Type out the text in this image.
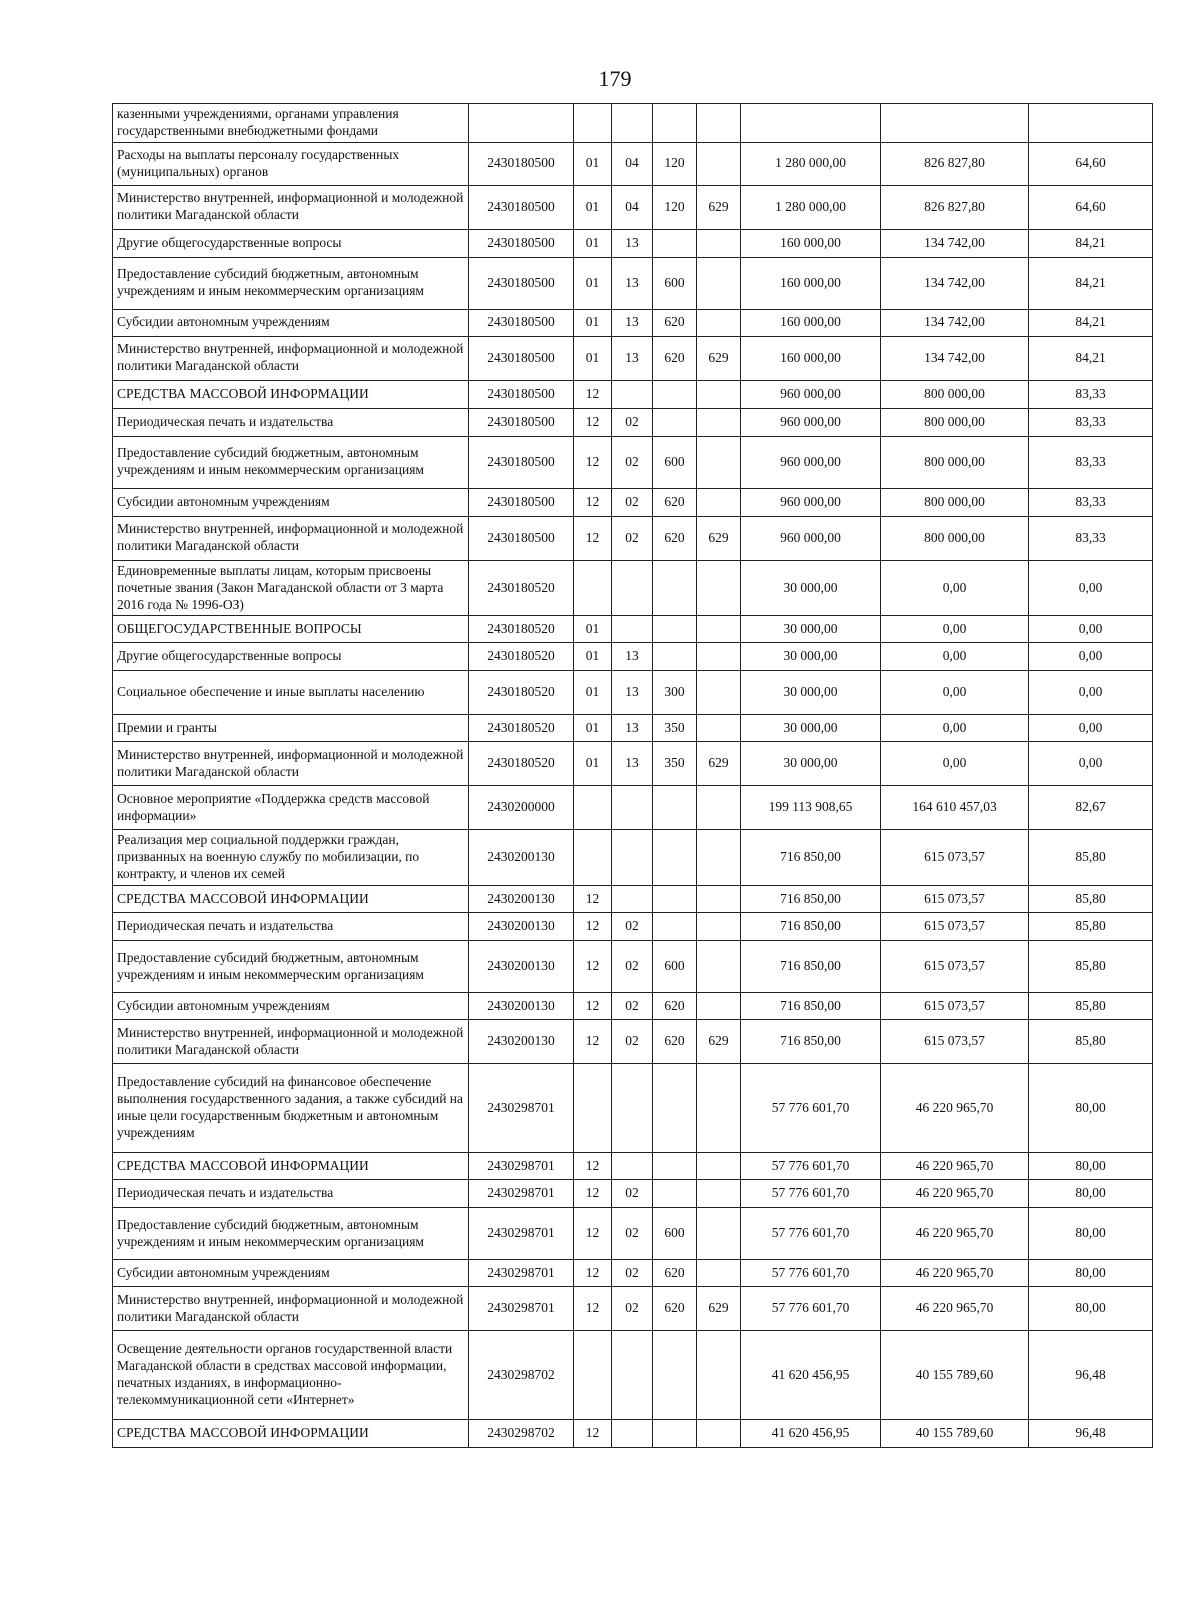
179
казенными учреждениями, органами управления государственными внебюджетными фондами								
Расходы на выплаты персоналу государственных (муниципальных) органов	2430180500	01	04	120		1 280 000,00	826 827,80	64,60
Министерство внутренней, информационной и молодежной политики Магаданской области	2430180500	01	04	120	629	1 280 000,00	826 827,80	64,60
Другие общегосударственные вопросы	2430180500	01	13			160 000,00	134 742,00	84,21
Предоставление субсидий бюджетным, автономным учреждениям и иным некоммерческим организациям	2430180500	01	13	600		160 000,00	134 742,00	84,21
Субсидии автономным учреждениям	2430180500	01	13	620		160 000,00	134 742,00	84,21
Министерство внутренней, информационной и молодежной политики Магаданской области	2430180500	01	13	620	629	160 000,00	134 742,00	84,21
СРЕДСТВА МАССОВОЙ ИНФОРМАЦИИ	2430180500	12				960 000,00	800 000,00	83,33
Периодическая печать и издательства	2430180500	12	02			960 000,00	800 000,00	83,33
Предоставление субсидий бюджетным, автономным учреждениям и иным некоммерческим организациям	2430180500	12	02	600		960 000,00	800 000,00	83,33
Субсидии автономным учреждениям	2430180500	12	02	620		960 000,00	800 000,00	83,33
Министерство внутренней, информационной и молодежной политики Магаданской области	2430180500	12	02	620	629	960 000,00	800 000,00	83,33
Единовременные выплаты лицам, которым присвоены почетные звания (Закон Магаданской области от 3 марта 2016 года № 1996-ОЗ)	2430180520					30 000,00	0,00	0,00
ОБЩЕГОСУДАРСТВЕННЫЕ ВОПРОСЫ	2430180520	01				30 000,00	0,00	0,00
Другие общегосударственные вопросы	2430180520	01	13			30 000,00	0,00	0,00
Социальное обеспечение и иные выплаты населению	2430180520	01	13	300		30 000,00	0,00	0,00
Премии и гранты	2430180520	01	13	350		30 000,00	0,00	0,00
Министерство внутренней, информационной и молодежной политики Магаданской области	2430180520	01	13	350	629	30 000,00	0,00	0,00
Основное мероприятие «Поддержка средств массовой информации»	2430200000					199 113 908,65	164 610 457,03	82,67
Реализация мер социальной поддержки граждан, призванных на военную службу по мобилизации, по контракту, и членов их семей	2430200130					716 850,00	615 073,57	85,80
СРЕДСТВА МАССОВОЙ ИНФОРМАЦИИ	2430200130	12				716 850,00	615 073,57	85,80
Периодическая печать и издательства	2430200130	12	02			716 850,00	615 073,57	85,80
Предоставление субсидий бюджетным, автономным учреждениям и иным некоммерческим организациям	2430200130	12	02	600		716 850,00	615 073,57	85,80
Субсидии автономным учреждениям	2430200130	12	02	620		716 850,00	615 073,57	85,80
Министерство внутренней, информационной и молодежной политики Магаданской области	2430200130	12	02	620	629	716 850,00	615 073,57	85,80
Предоставление субсидий на финансовое обеспечение выполнения государственного задания, а также субсидий на иные цели государственным бюджетным и автономным учреждениям	2430298701					57 776 601,70	46 220 965,70	80,00
СРЕДСТВА МАССОВОЙ ИНФОРМАЦИИ	2430298701	12				57 776 601,70	46 220 965,70	80,00
Периодическая печать и издательства	2430298701	12	02			57 776 601,70	46 220 965,70	80,00
Предоставление субсидий бюджетным, автономным учреждениям и иным некоммерческим организациям	2430298701	12	02	600		57 776 601,70	46 220 965,70	80,00
Субсидии автономным учреждениям	2430298701	12	02	620		57 776 601,70	46 220 965,70	80,00
Министерство внутренней, информационной и молодежной политики Магаданской области	2430298701	12	02	620	629	57 776 601,70	46 220 965,70	80,00
Освещение деятельности органов государственной власти Магаданской области в средствах массовой информации, печатных изданиях, в информационно-телекоммуникационной сети «Интернет»	2430298702					41 620 456,95	40 155 789,60	96,48
СРЕДСТВА МАССОВОЙ ИНФОРМАЦИИ	2430298702	12				41 620 456,95	40 155 789,60	96,48
